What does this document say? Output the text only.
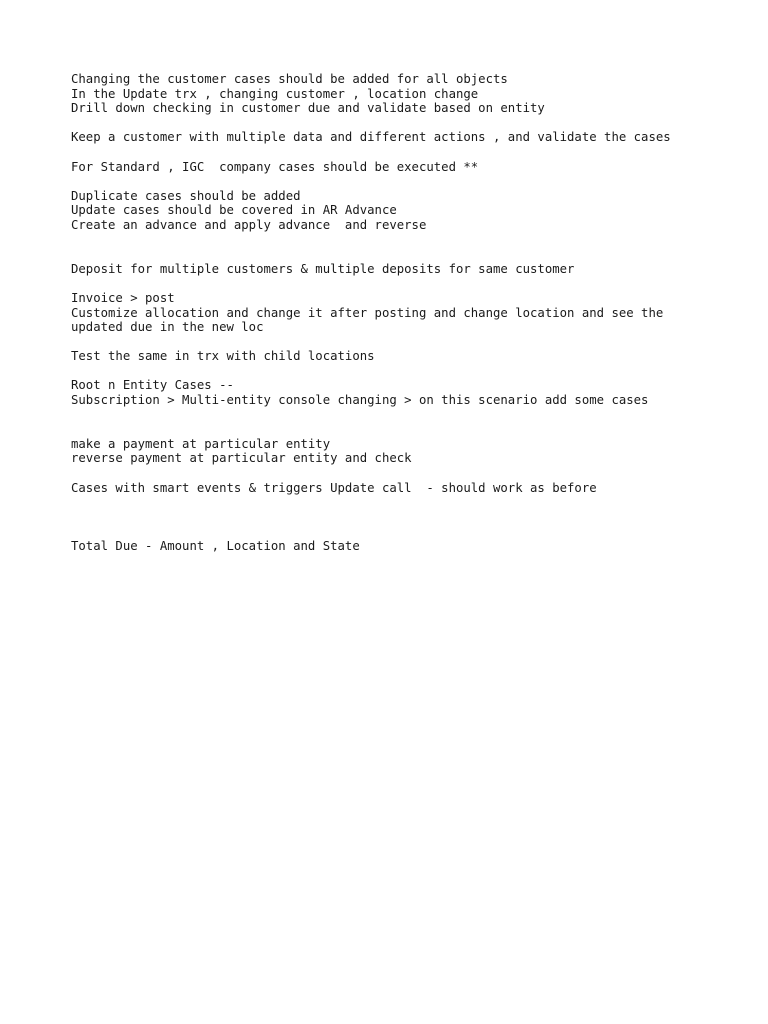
Changing the customer cases should be added for all objects
In the Update trx , changing customer , location change
Drill down checking in customer due and validate based on entity
Keep a customer with multiple data and different actions , and validate the cases
For Standard , IGC  company cases should be executed **
Duplicate cases should be added
Update cases should be covered in AR Advance
Create an advance and apply advance  and reverse
Deposit for multiple customers & multiple deposits for same customer
Invoice > post
Customize allocation and change it after posting and change location and see the
updated due in the new loc
Test the same in trx with child locations
Root n Entity Cases --
Subscription > Multi-entity console changing > on this scenario add some cases
make a payment at particular entity
reverse payment at particular entity and check
Cases with smart events & triggers Update call  - should work as before
Total Due - Amount , Location and State
